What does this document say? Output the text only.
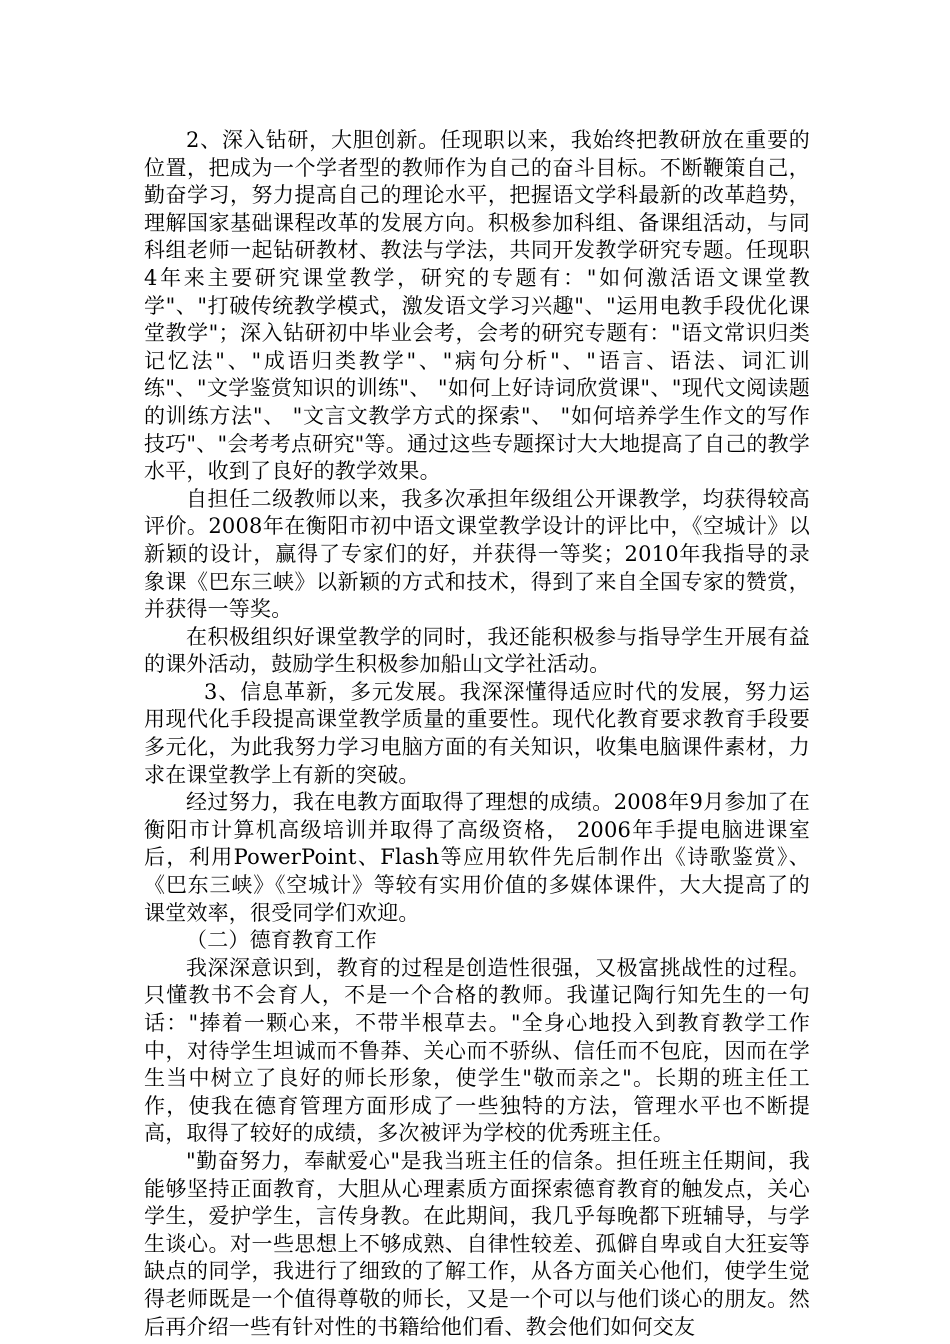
2、深入钻研，大胆创新。任现职以来，我始终把教研放在重要的位置，把成为一个学者型的教师作为自己的奋斗目标。不断鞭策自己，勤奋学习，努力提高自己的理论水平，把握语文学科最新的改革趋势，理解国家基础课程改革的发展方向。积极参加科组、备课组活动，与同科组老师一起钻研教材、教法与学法，共同开发教学研究专题。任现职4年来主要研究课堂教学，研究的专题有："如何激活语文课堂教学"、"打破传统教学模式，激发语文学习兴趣"、"运用电教手段优化课堂教学"；深入钻研初中毕业会考，会考的研究专题有："语文常识归类记忆法"、"成语归类教学"、"病句分析"、"语言、语法、词汇训练"、"文学鉴赏知识的训练"、 "如何上好诗词欣赏课"、"现代文阅读题的训练方法"、 "文言文教学方式的探索"、 "如何培养学生作文的写作技巧"、"会考考点研究"等。通过这些专题探讨大大地提高了自己的教学水平，收到了良好的教学效果。

自担任二级教师以来，我多次承担年级组公开课教学，均获得较高评价。2008年在衡阳市初中语文课堂教学设计的评比中，《空城计》以新颖的设计，赢得了专家们的好，并获得一等奖；2010年我指导的录象课《巴东三峡》以新颖的方式和技术，得到了来自全国专家的赞赏，并获得一等奖。

在积极组织好课堂教学的同时，我还能积极参与指导学生开展有益的课外活动，鼓励学生积极参加船山文学社活动。

3、信息革新，多元发展。我深深懂得适应时代的发展，努力运用现代化手段提高课堂教学质量的重要性。现代化教育要求教育手段要多元化，为此我努力学习电脑方面的有关知识，收集电脑课件素材，力求在课堂教学上有新的突破。

经过努力，我在电教方面取得了理想的成绩。2008年9月参加了在衡阳市计算机高级培训并取得了高级资格， 2006年手提电脑进课室后，利用PowerPoint、Flash等应用软件先后制作出《诗歌鉴赏》、《巴东三峡》《空城计》等较有实用价值的多媒体课件，大大提高了的课堂效率，很受同学们欢迎。

（二）德育教育工作

我深深意识到，教育的过程是创造性很强，又极富挑战性的过程。只懂教书不会育人，不是一个合格的教师。我谨记陶行知先生的一句话："捧着一颗心来，不带半根草去。"全身心地投入到教育教学工作中，对待学生坦诚而不鲁莽、关心而不骄纵、信任而不包庇，因而在学生当中树立了良好的师长形象，使学生"敬而亲之"。长期的班主任工作，使我在德育管理方面形成了一些独特的方法，管理水平也不断提高，取得了较好的成绩，多次被评为学校的优秀班主任。

"勤奋努力，奉献爱心"是我当班主任的信条。担任班主任期间，我能够坚持正面教育，大胆从心理素质方面探索德育教育的触发点，关心学生，爱护学生，言传身教。在此期间，我几乎每晚都下班辅导，与学生谈心。对一些思想上不够成熟、自律性较差、孤僻自卑或自大狂妄等缺点的同学，我进行了细致的了解工作，从各方面关心他们，使学生觉得老师既是一个值得尊敬的师长，又是一个可以与他们谈心的朋友。然后再介绍一些有针对性的书籍给他们看、教会他们如何交友
